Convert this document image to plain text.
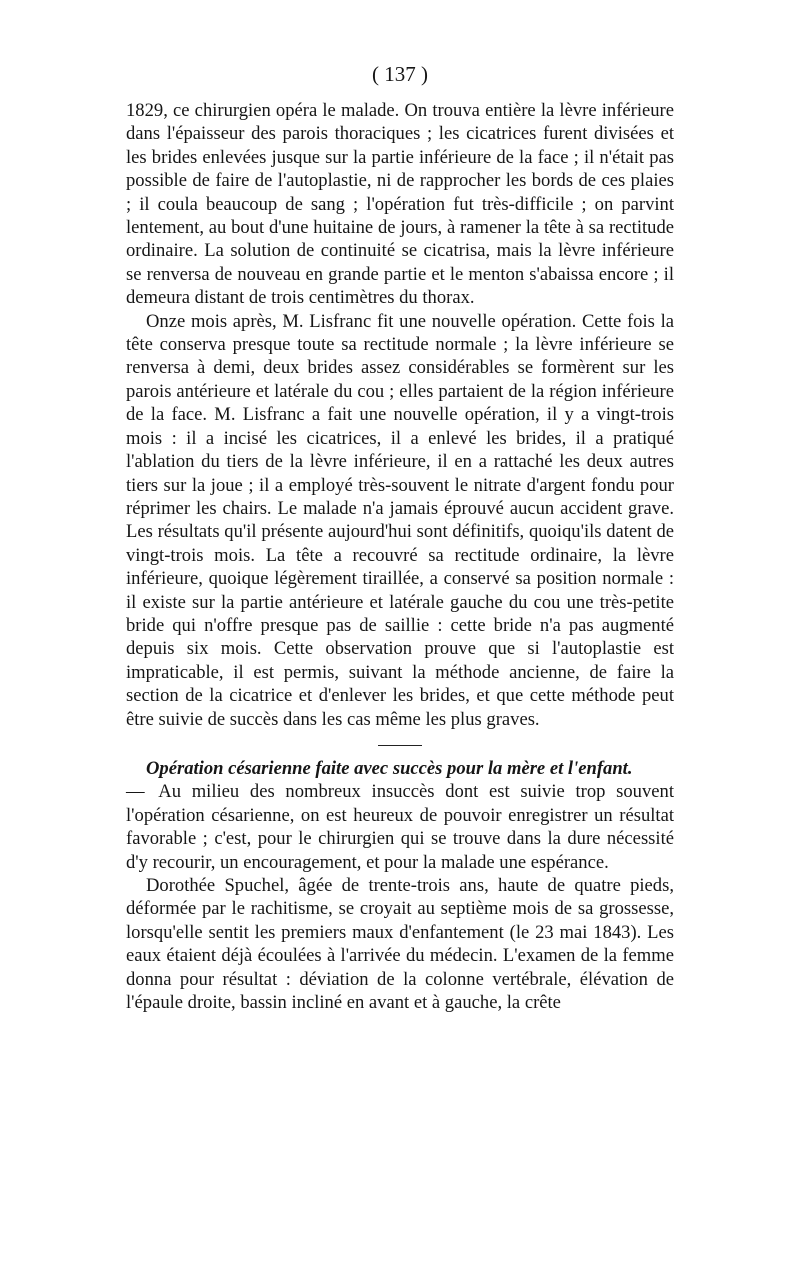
( 137 )

1829, ce chirurgien opéra le malade. On trouva entière la lèvre inférieure dans l'épaisseur des parois thoraciques ; les cicatrices furent divisées et les brides enlevées jusque sur la partie inférieure de la face ; il n'était pas possible de faire de l'autoplastie, ni de rapprocher les bords de ces plaies ; il coula beaucoup de sang ; l'opération fut très-difficile ; on parvint lentement, au bout d'une huitaine de jours, à ramener la tête à sa rectitude ordinaire. La solution de continuité se cicatrisa, mais la lèvre inférieure se renversa de nouveau en grande partie et le menton s'abaissa encore ; il demeura distant de trois centimètres du thorax.

Onze mois après, M. Lisfranc fit une nouvelle opération. Cette fois la tête conserva presque toute sa rectitude normale ; la lèvre inférieure se renversa à demi, deux brides assez considérables se formèrent sur les parois antérieure et latérale du cou ; elles partaient de la région inférieure de la face. M. Lisfranc a fait une nouvelle opération, il y a vingt-trois mois : il a incisé les cicatrices, il a enlevé les brides, il a pratiqué l'ablation du tiers de la lèvre inférieure, il en a rattaché les deux autres tiers sur la joue ; il a employé très-souvent le nitrate d'argent fondu pour réprimer les chairs. Le malade n'a jamais éprouvé aucun accident grave. Les résultats qu'il présente aujourd'hui sont définitifs, quoiqu'ils datent de vingt-trois mois. La tête a recouvré sa rectitude ordinaire, la lèvre inférieure, quoique légèrement tiraillée, a conservé sa position normale : il existe sur la partie antérieure et latérale gauche du cou une très-petite bride qui n'offre presque pas de saillie : cette bride n'a pas augmenté depuis six mois. Cette observation prouve que si l'autoplastie est impraticable, il est permis, suivant la méthode ancienne, de faire la section de la cicatrice et d'enlever les brides, et que cette méthode peut être suivie de succès dans les cas même les plus graves.

Opération césarienne faite avec succès pour la mère et l'enfant.
— Au milieu des nombreux insuccès dont est suivie trop souvent l'opération césarienne, on est heureux de pouvoir enregistrer un résultat favorable ; c'est, pour le chirurgien qui se trouve dans la dure nécessité d'y recourir, un encouragement, et pour la malade une espérance.

Dorothée Spuchel, âgée de trente-trois ans, haute de quatre pieds, déformée par le rachitisme, se croyait au septième mois de sa grossesse, lorsqu'elle sentit les premiers maux d'enfantement (le 23 mai 1843). Les eaux étaient déjà écoulées à l'arrivée du médecin. L'examen de la femme donna pour résultat : déviation de la colonne vertébrale, élévation de l'épaule droite, bassin incliné en avant et à gauche, la crête
